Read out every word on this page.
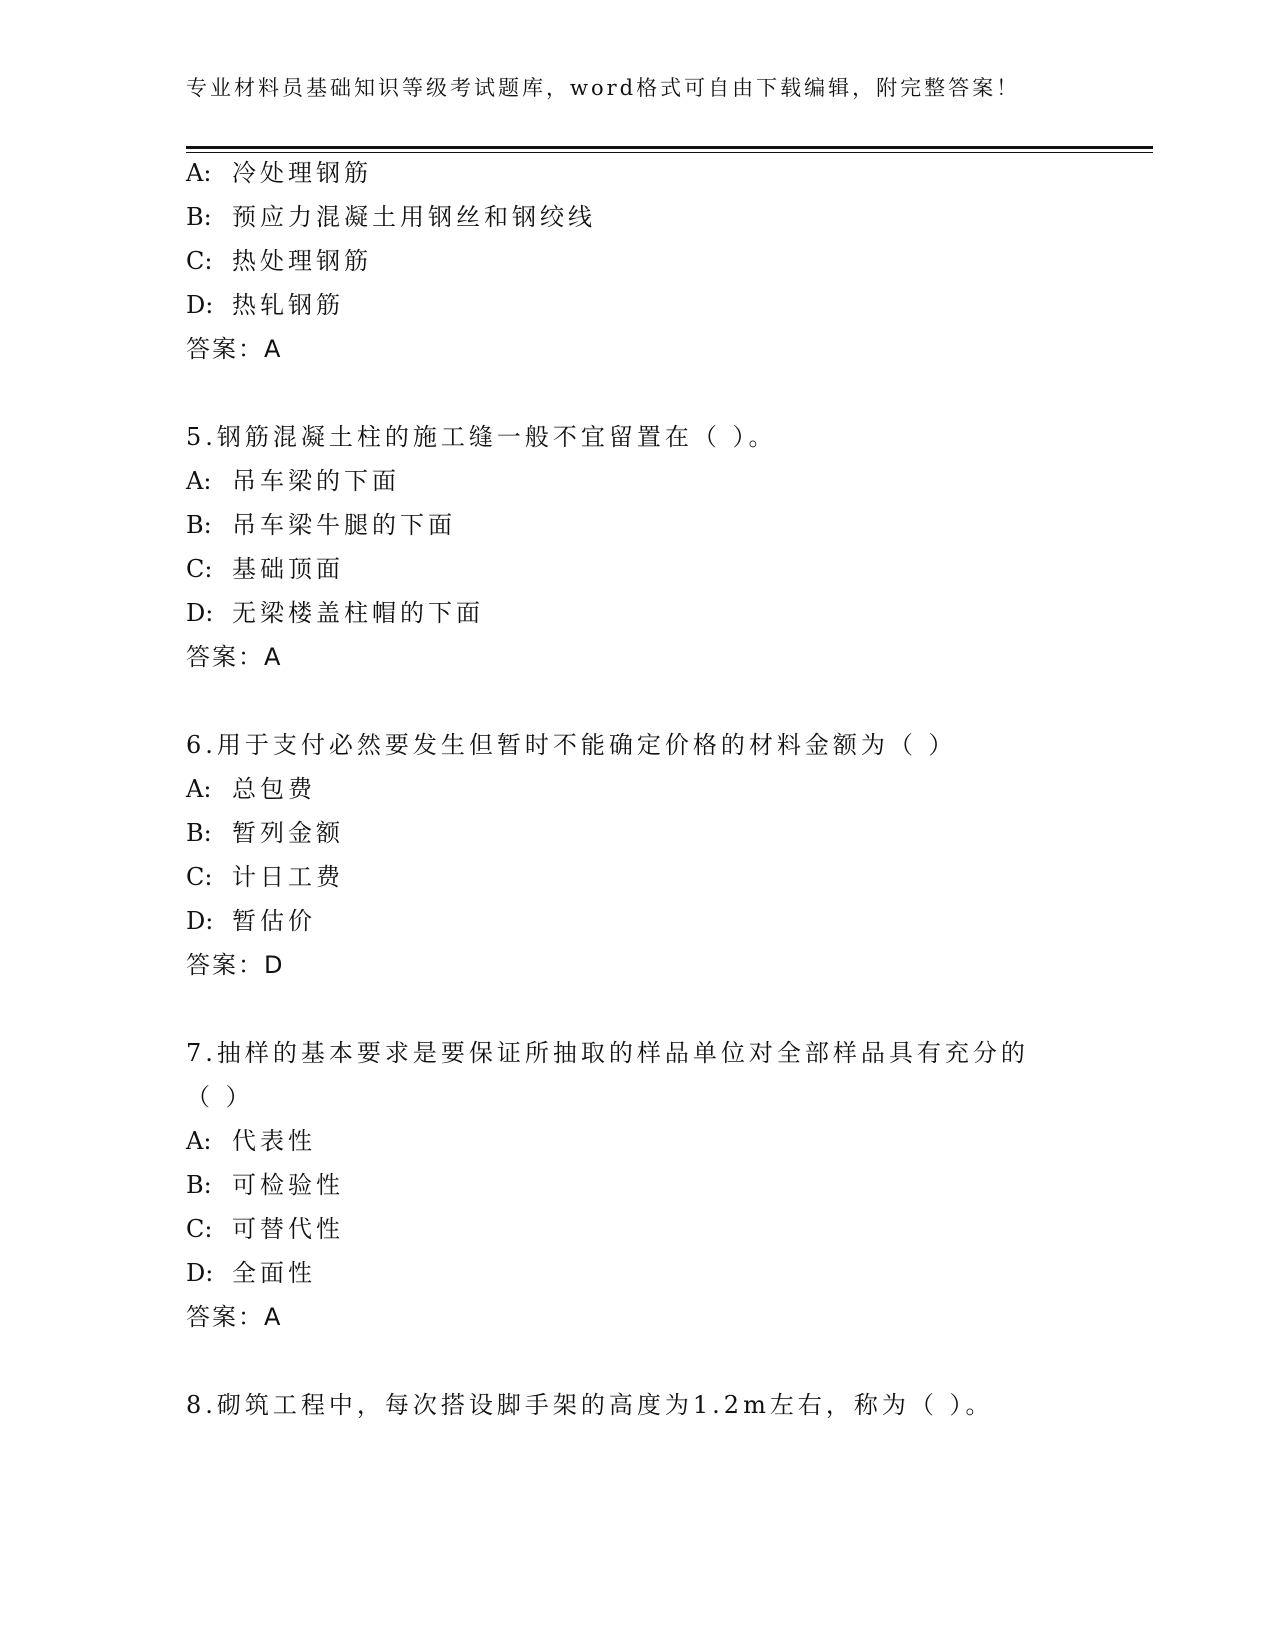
专业材料员基础知识等级考试题库，word格式可自由下载编辑，附完整答案！
A: 冷处理钢筋
B: 预应力混凝土用钢丝和钢绞线
C: 热处理钢筋
D: 热轧钢筋
答案：A
5.钢筋混凝土柱的施工缝一般不宜留置在（ ）。
A: 吊车梁的下面
B: 吊车梁牛腿的下面
C: 基础顶面
D: 无梁楼盖柱帽的下面
答案：A
6.用于支付必然要发生但暂时不能确定价格的材料金额为（ ）
A: 总包费
B: 暂列金额
C: 计日工费
D: 暂估价
答案：D
7.抽样的基本要求是要保证所抽取的样品单位对全部样品具有充分的
（ ）
A: 代表性
B: 可检验性
C: 可替代性
D: 全面性
答案：A
8.砌筑工程中，每次搭设脚手架的高度为1.2m左右，称为（ ）。
